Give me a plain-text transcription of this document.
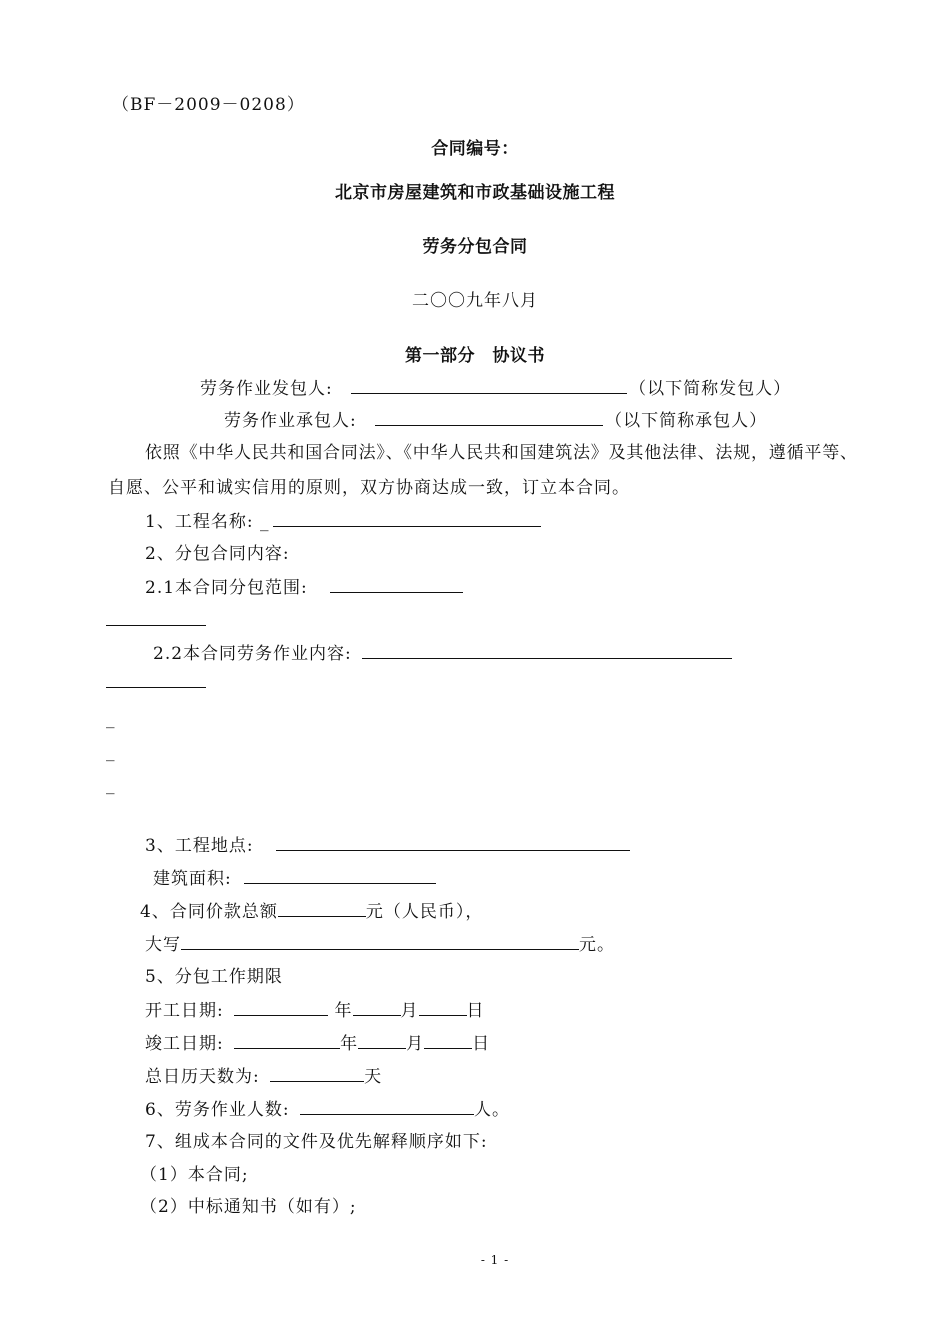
（BF－2009－0208）
合同编号：
北京市房屋建筑和市政基础设施工程
劳务分包合同
二〇〇九年八月
第一部分　协议书
劳务作业发包人:	（以下简称发包人）
劳务作业承包人:	（以下简称承包人）
依照《中华人民共和国合同法》、《中华人民共和国建筑法》及其他法律、法规，遵循平等、
自愿、公平和诚实信用的原则，双方协商达成一致，订立本合同。
1、工程名称: _
2、分包合同内容:
2.1本合同分包范围:
2.2本合同劳务作业内容:
_
_
_
3、工程地点:
建筑面积:
4、合同价款总额	元（人民币），
大写	元。
5、分包工作期限
开工日期:	年	月	日
竣工日期:	年	月	日
总日历天数为:	天
6、劳务作业人数:	人。
7、组成本合同的文件及优先解释顺序如下:
（1）本合同;
（2）中标通知书（如有）;
- 1 -
